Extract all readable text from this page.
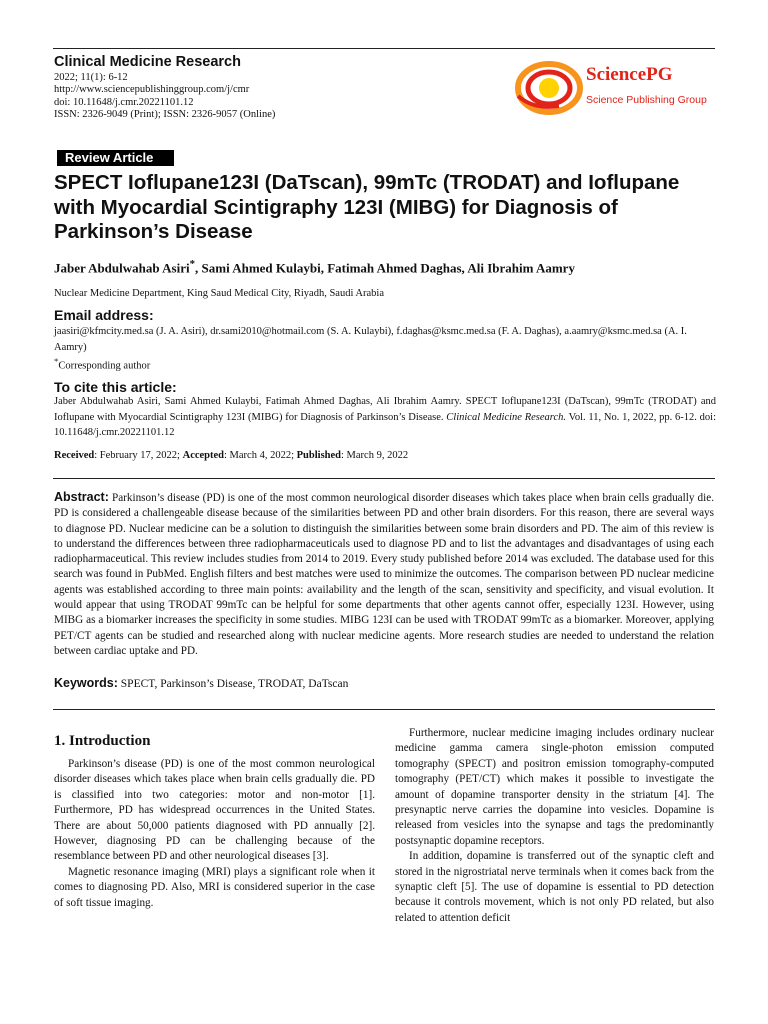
Clinical Medicine Research
2022; 11(1): 6-12
http://www.sciencepublishinggroup.com/j/cmr
doi: 10.11648/j.cmr.20221101.12
ISSN: 2326-9049 (Print); ISSN: 2326-9057 (Online)
SciencePG
Science Publishing Group
Review Article
SPECT Ioflupane123I (DaTscan), 99mTc (TRODAT) and Ioflupane with Myocardial Scintigraphy 123I (MIBG) for Diagnosis of Parkinson’s Disease
Jaber Abdulwahab Asiri*, Sami Ahmed Kulaybi, Fatimah Ahmed Daghas, Ali Ibrahim Aamry
Nuclear Medicine Department, King Saud Medical City, Riyadh, Saudi Arabia
Email address:
jaasiri@kfmcity.med.sa (J. A. Asiri), dr.sami2010@hotmail.com (S. A. Kulaybi), f.daghas@ksmc.med.sa (F. A. Daghas), a.aamry@ksmc.med.sa (A. I. Aamry)
*Corresponding author
To cite this article:
Jaber Abdulwahab Asiri, Sami Ahmed Kulaybi, Fatimah Ahmed Daghas, Ali Ibrahim Aamry. SPECT Ioflupane123I (DaTscan), 99mTc (TRODAT) and Ioflupane with Myocardial Scintigraphy 123I (MIBG) for Diagnosis of Parkinson’s Disease. Clinical Medicine Research. Vol. 11, No. 1, 2022, pp. 6-12. doi: 10.11648/j.cmr.20221101.12
Received: February 17, 2022; Accepted: March 4, 2022; Published: March 9, 2022
Abstract: Parkinson’s disease (PD) is one of the most common neurological disorder diseases which takes place when brain cells gradually die. PD is considered a challengeable disease because of the similarities between PD and other brain disorders. For this reason, there are several ways to diagnose PD. Nuclear medicine can be a solution to distinguish the similarities between some brain disorders and PD. The aim of this review is to understand the differences between three radiopharmaceuticals used to diagnose PD and to list the advantages and disadvantages of using each radiopharmaceutical. This review includes studies from 2014 to 2019. Every study published before 2014 was excluded. The database used for this search was found in PubMed. English filters and best matches were used to minimize the outcomes. The comparison between PD nuclear medicine agents was established according to three main points: availability and the length of the scan, sensitivity and specificity, and visual evolution. It would appear that using TRODAT 99mTc can be helpful for some departments that other agents cannot offer, especially 123I. However, using MIBG as a biomarker increases the specificity in some studies. MIBG 123I can be used with TRODAT 99mTc as a biomarker. Moreover, applying PET/CT agents can be studied and researched along with nuclear medicine agents. More research studies are needed to understand the relation between cardiac uptake and PD.
Keywords: SPECT, Parkinson’s Disease, TRODAT, DaTscan
1. Introduction

Parkinson’s disease (PD) is one of the most common neurological disorder diseases which takes place when brain cells gradually die. PD is classified into two categories: motor and non-motor [1]. Furthermore, PD has widespread occurrences in the United States. There are about 50,000 patients diagnosed with PD annually [2]. However, diagnosing PD can be challenging because of the resemblance between PD and other neurological diseases [3].

Magnetic resonance imaging (MRI) plays a significant role when it comes to diagnosing PD. Also, MRI is considered superior in the case of soft tissue imaging.

Furthermore, nuclear medicine imaging includes ordinary nuclear medicine gamma camera single-photon emission computed tomography (SPECT) and positron emission tomography-computed tomography (PET/CT) which makes it possible to investigate the amount of dopamine transporter density in the striatum [4]. The presynaptic nerve carries the dopamine into vesicles. Dopamine is released from vesicles into the synapse and tags the predominantly postsynaptic dopamine receptors.

In addition, dopamine is transferred out of the synaptic cleft and stored in the nigrostriatal nerve terminals when it comes back from the synaptic cleft [5]. The use of dopamine is essential to PD detection because it controls movement, which is not only PD related, but also related to attention deficit
